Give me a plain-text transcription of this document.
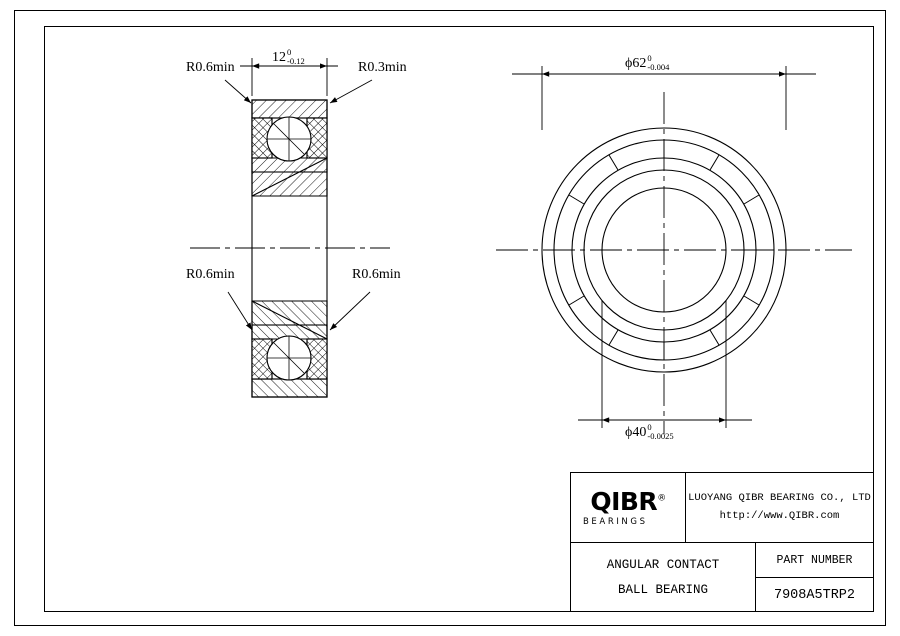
R0.6min	R0.3min
R0.6min	R0.6min
12 0
-0.12	ϕ62 0
-0.004
ϕ40 0
-0.0025
QIBR®
BEARINGS
LUOYANG QIBR BEARING CO., LTD
http://www.QIBR.com
ANGULAR CONTACT
BALL BEARING
PART NUMBER
7908A5TRP2
